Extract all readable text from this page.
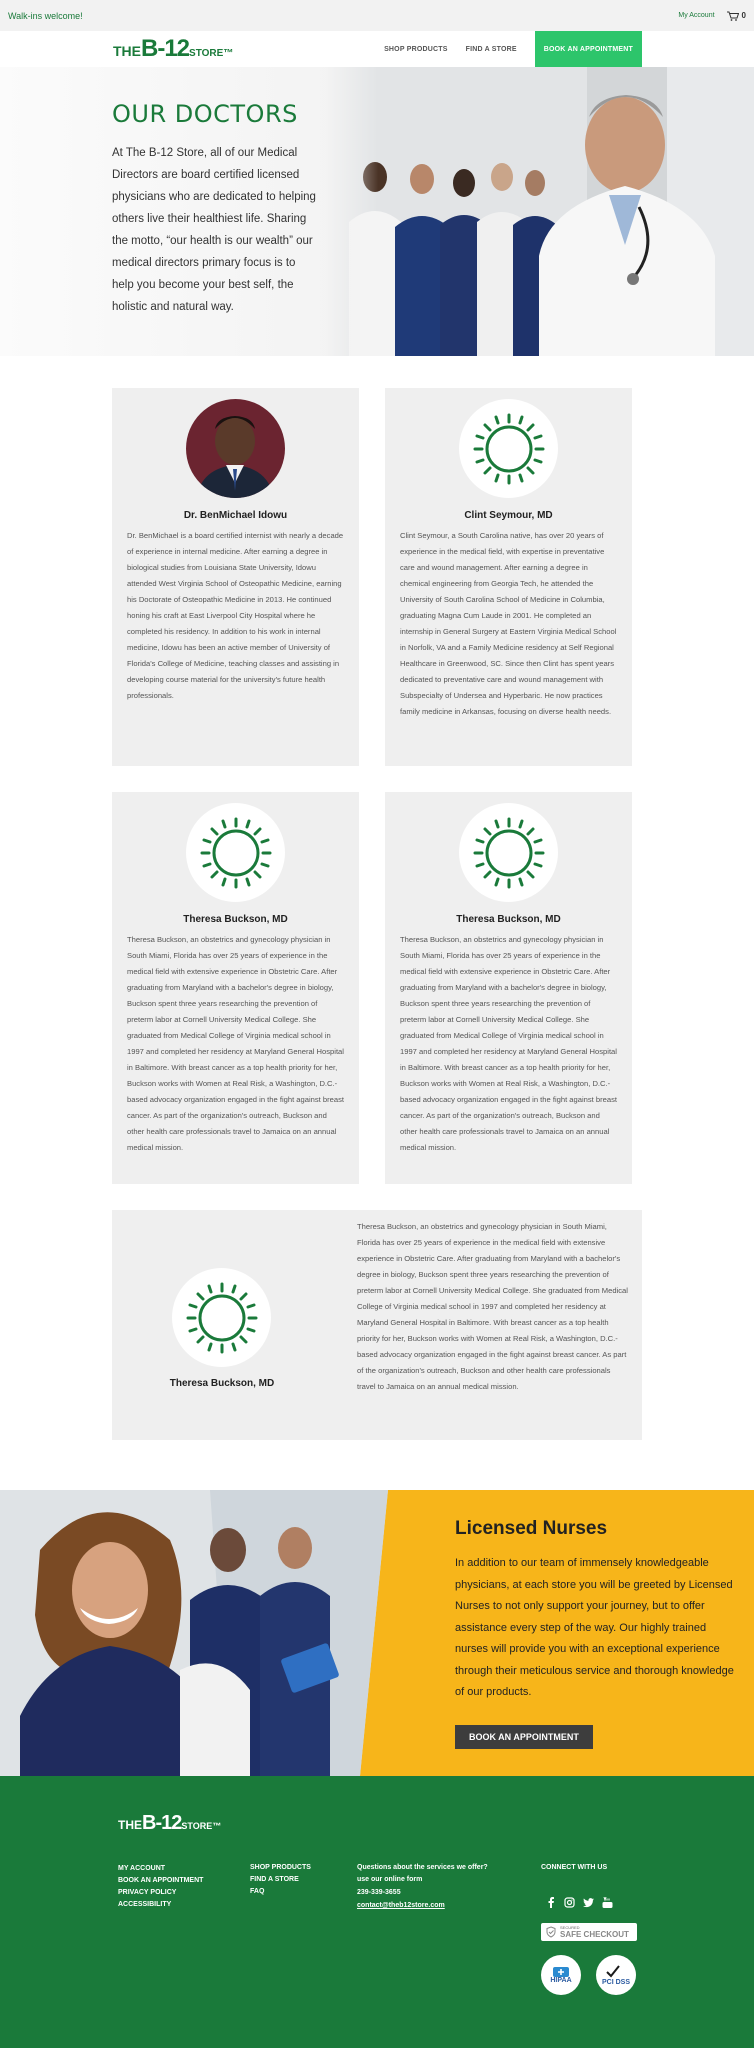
Walk-ins welcome!	My Account	0
THE B-12 STORE ™	SHOP PRODUCTS	FIND A STORE	BOOK AN APPOINTMENT
OUR DOCTORS

At The B-12 Store, all of our Medical Directors are board certified licensed physicians who are dedicated to helping others live their healthiest life. Sharing the motto, “our health is our wealth” our medical directors primary focus is to help you become your best self, the holistic and natural way.

Dr. BenMichael Idowu
Dr. BenMichael is a board certified internist with nearly a decade of experience in internal medicine. After earning a degree in biological studies from Louisiana State University, Idowu attended West Virginia School of Osteopathic Medicine, earning his Doctorate of Osteopathic Medicine in 2013. He continued honing his craft at East Liverpool City Hospital where he completed his residency. In addition to his work in internal medicine, Idowu has been an active member of University of Florida's College of Medicine, teaching classes and assisting in developing course material for the university's future health professionals.
Clint Seymour, MD
Clint Seymour, a South Carolina native, has over 20 years of experience in the medical field, with expertise in preventative care and wound management. After earning a degree in chemical engineering from Georgia Tech, he attended the University of South Carolina School of Medicine in Columbia, graduating Magna Cum Laude in 2001. He completed an internship in General Surgery at Eastern Virginia Medical School in Norfolk, VA and a Family Medicine residency at Self Regional Healthcare in Greenwood, SC. Since then Clint has spent years dedicated to preventative care and wound management with Subspecialty of Undersea and Hyperbaric. He now practices family medicine in Arkansas, focusing on diverse health needs.
Theresa Buckson, MD
Theresa Buckson, an obstetrics and gynecology physician in South Miami, Florida has over 25 years of experience in the medical field with extensive experience in Obstetric Care. After graduating from Maryland with a bachelor's degree in biology, Buckson spent three years researching the prevention of preterm labor at Cornell University Medical College. She graduated from Medical College of Virginia medical school in 1997 and completed her residency at Maryland General Hospital in Baltimore. With breast cancer as a top health priority for her, Buckson works with Women at Real Risk, a Washington, D.C.-based advocacy organization engaged in the fight against breast cancer. As part of the organization's outreach, Buckson and other health care professionals travel to Jamaica on an annual medical mission.
Theresa Buckson, MD
Theresa Buckson, an obstetrics and gynecology physician in South Miami, Florida has over 25 years of experience in the medical field with extensive experience in Obstetric Care. After graduating from Maryland with a bachelor's degree in biology, Buckson spent three years researching the prevention of preterm labor at Cornell University Medical College. She graduated from Medical College of Virginia medical school in 1997 and completed her residency at Maryland General Hospital in Baltimore. With breast cancer as a top health priority for her, Buckson works with Women at Real Risk, a Washington, D.C.-based advocacy organization engaged in the fight against breast cancer. As part of the organization's outreach, Buckson and other health care professionals travel to Jamaica on an annual medical mission.
Theresa Buckson, MD
Theresa Buckson, an obstetrics and gynecology physician in South Miami, Florida has over 25 years of experience in the medical field with extensive experience in Obstetric Care. After graduating from Maryland with a bachelor's degree in biology, Buckson spent three years researching the prevention of preterm labor at Cornell University Medical College. She graduated from Medical College of Virginia medical school in 1997 and completed her residency at Maryland General Hospital in Baltimore. With breast cancer as a top health priority for her, Buckson works with Women at Real Risk, a Washington, D.C.-based advocacy organization engaged in the fight against breast cancer. As part of the organization's outreach, Buckson and other health care professionals travel to Jamaica on an annual medical mission.
Licensed Nurses

In addition to our team of immensely knowledgeable physicians, at each store you will be greeted by Licensed Nurses to not only support your journey, but to offer assistance every step of the way. Our highly trained nurses will provide you with an exceptional experience through their meticulous service and thorough knowledge of our products.

BOOK AN APPOINTMENT
THE B-12 STORE ™
MY ACCOUNT
BOOK AN APPOINTMENT
PRIVACY POLICY
ACCESSIBILITY
SHOP PRODUCTS
FIND A STORE
FAQ
Questions about the services we offer?
use our online form
239-339-3655
contact@theb12store.com
CONNECT WITH US
SECURED
SAFE CHECKOUT
HIPAA	PCI DSS
